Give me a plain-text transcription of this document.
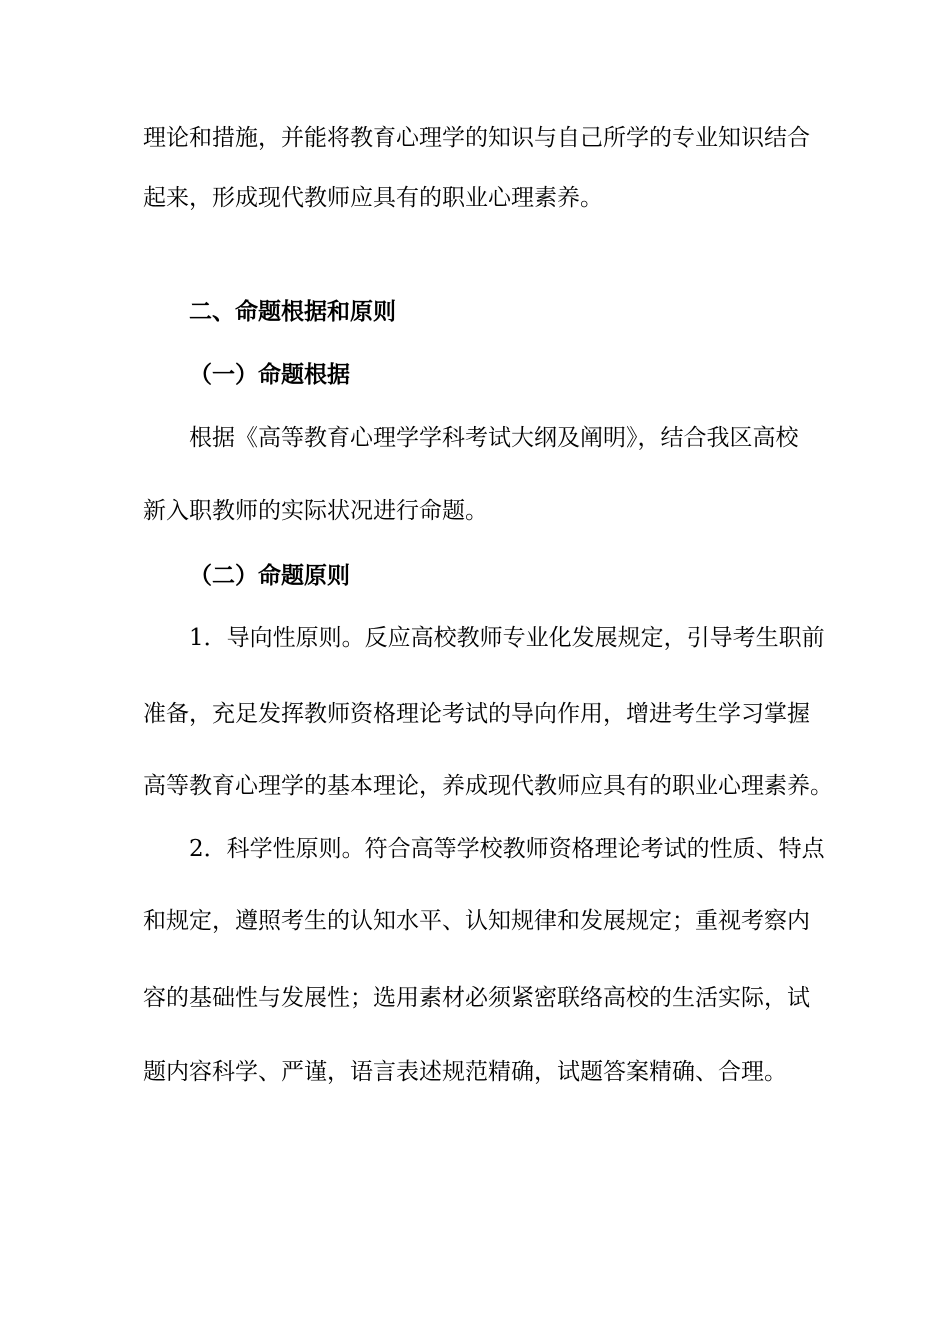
理论和措施，并能将教育心理学的知识与自己所学的专业知识结合

起来，形成现代教师应具有的职业心理素养。

二、命题根据和原则

（一）命题根据

根据《高等教育心理学学科考试大纲及阐明》，结合我区高校

新入职教师的实际状况进行命题。

（二）命题原则

1．导向性原则。反应高校教师专业化发展规定，引导考生职前

准备，充足发挥教师资格理论考试的导向作用，增进考生学习掌握

高等教育心理学的基本理论，养成现代教师应具有的职业心理素养。

2．科学性原则。符合高等学校教师资格理论考试的性质、特点

和规定，遵照考生的认知水平、认知规律和发展规定；重视考察内

容的基础性与发展性；选用素材必须紧密联络高校的生活实际，试

题内容科学、严谨，语言表述规范精确，试题答案精确、合理。
